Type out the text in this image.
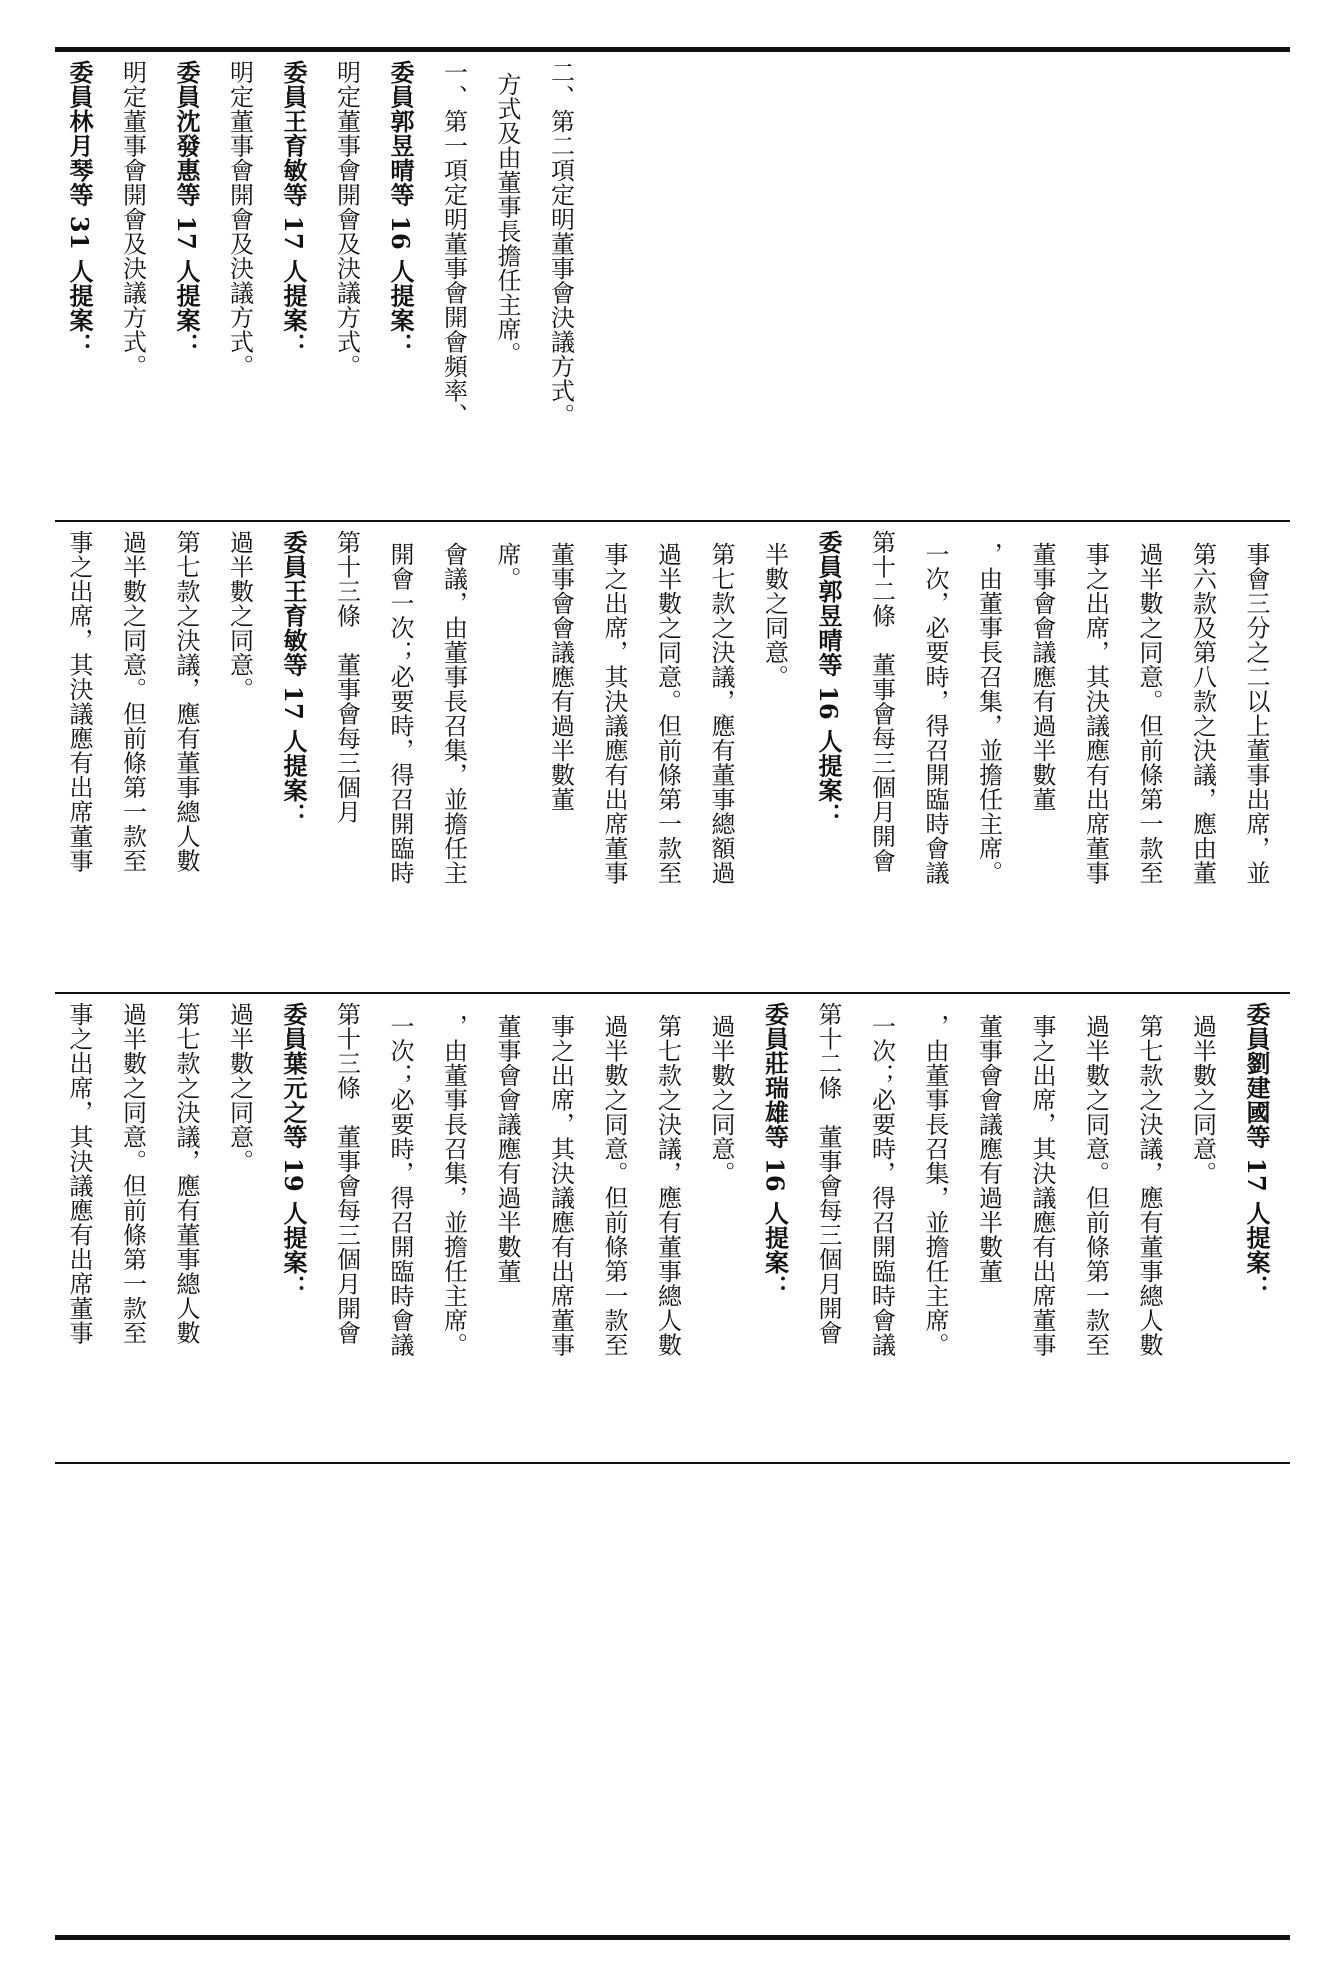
委員林月琴等 31 人提案： 明定董事會開會及決議方式。 委員沈發惠等 17 人提案： 明定董事會開會及決議方式。 委員王育敏等 17 人提案： 明定董事會開會及決議方式。 委員郭昱晴等 16 人提案： 一、第一項定明董事會開會頻率、 方式及由董事長擔任主席。 二、第二項定明董事會決議方式。
事之出席，其決議應有出席董事 過半數之同意。但前條第一款至 第七款之決議，應有董事總人數 過半數之同意。 委員王育敏等 17 人提案： 第十三條　董事會每三個月 開會一次；必要時，得召開臨時 會議，由董事長召集，並擔任主 席。 董事會會議應有過半數董 事之出席，其決議應有出席董事 過半數之同意。但前條第一款至 第七款之決議，應有董事總額過 半數之同意。 委員郭昱晴等 16 人提案： 第十二條　董事會每三個月開會 一次，必要時，得召開臨時會議 ，由董事長召集，並擔任主席。 董事會會議應有過半數董 事之出席，其決議應有出席董事 過半數之同意。但前條第一款至 第六款及第八款之決議，應由董 事會三分之二以上董事出席，並
事之出席，其決議應有出席董事 過半數之同意。但前條第一款至 第七款之決議，應有董事總人數 過半數之同意。 委員葉元之等 19 人提案： 第十三條　董事會每三個月開會 一次；必要時，得召開臨時會議 ，由董事長召集，並擔任主席。 董事會會議應有過半數董 事之出席，其決議應有出席董事 過半數之同意。但前條第一款至 第七款之決議，應有董事總人數 過半數之同意。 委員莊瑞雄等 16 人提案： 第十二條　董事會每三個月開會 一次；必要時，得召開臨時會議 ，由董事長召集，並擔任主席。 董事會會議應有過半數董 事之出席，其決議應有出席董事 過半數之同意。但前條第一款至 第七款之決議，應有董事總人數 過半數之同意。 委員劉建國等 17 人提案：
